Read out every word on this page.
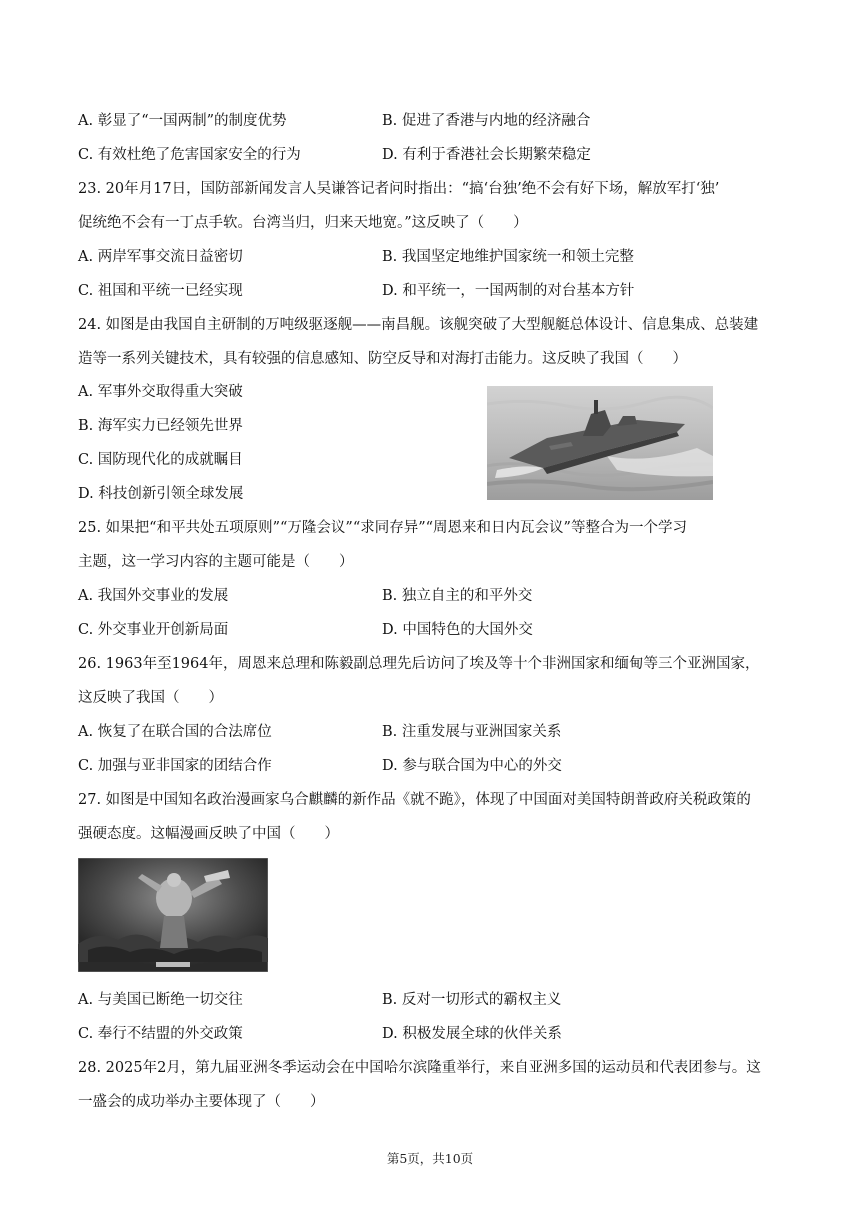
A. 彰显了“一国两制”的制度优势	B. 促进了香港与内地的经济融合
C. 有效杜绝了危害国家安全的行为	D. 有利于香港社会长期繁荣稳定
23. 20年月17日，国防部新闻发言人吴谦答记者问时指出：“搞‘台独’绝不会有好下场，解放军打‘独’
促统绝不会有一丁点手软。台湾当归，归来天地宽。”这反映了（　　）
A. 两岸军事交流日益密切	B. 我国坚定地维护国家统一和领土完整
C. 祖国和平统一已经实现	D. 和平统一，一国两制的对台基本方针
24. 如图是由我国自主研制的万吨级驱逐舰——南昌舰。该舰突破了大型舰艇总体设计、信息集成、总装建
造等一系列关键技术，具有较强的信息感知、防空反导和对海打击能力。这反映了我国（　　）
A. 军事外交取得重大突破
B. 海军实力已经领先世界
C. 国防现代化的成就瞩目
D. 科技创新引领全球发展
25. 如果把“和平共处五项原则”“万隆会议”“求同存异”“周恩来和日内瓦会议”等整合为一个学习
主题，这一学习内容的主题可能是（　　）
A. 我国外交事业的发展	B. 独立自主的和平外交
C. 外交事业开创新局面	D. 中国特色的大国外交
26. 1963年至1964年，周恩来总理和陈毅副总理先后访问了埃及等十个非洲国家和缅甸等三个亚洲国家，
这反映了我国（　　）
A. 恢复了在联合国的合法席位	B. 注重发展与亚洲国家关系
C. 加强与亚非国家的团结合作	D. 参与联合国为中心的外交
27. 如图是中国知名政治漫画家乌合麒麟的新作品《就不跪》，体现了中国面对美国特朗普政府关税政策的
强硬态度。这幅漫画反映了中国（　　）
A. 与美国已断绝一切交往	B. 反对一切形式的霸权主义
C. 奉行不结盟的外交政策	D. 积极发展全球的伙伴关系
28. 2025年2月，第九届亚洲冬季运动会在中国哈尔滨隆重举行，来自亚洲多国的运动员和代表团参与。这
一盛会的成功举办主要体现了（　　）
第5页，共10页
